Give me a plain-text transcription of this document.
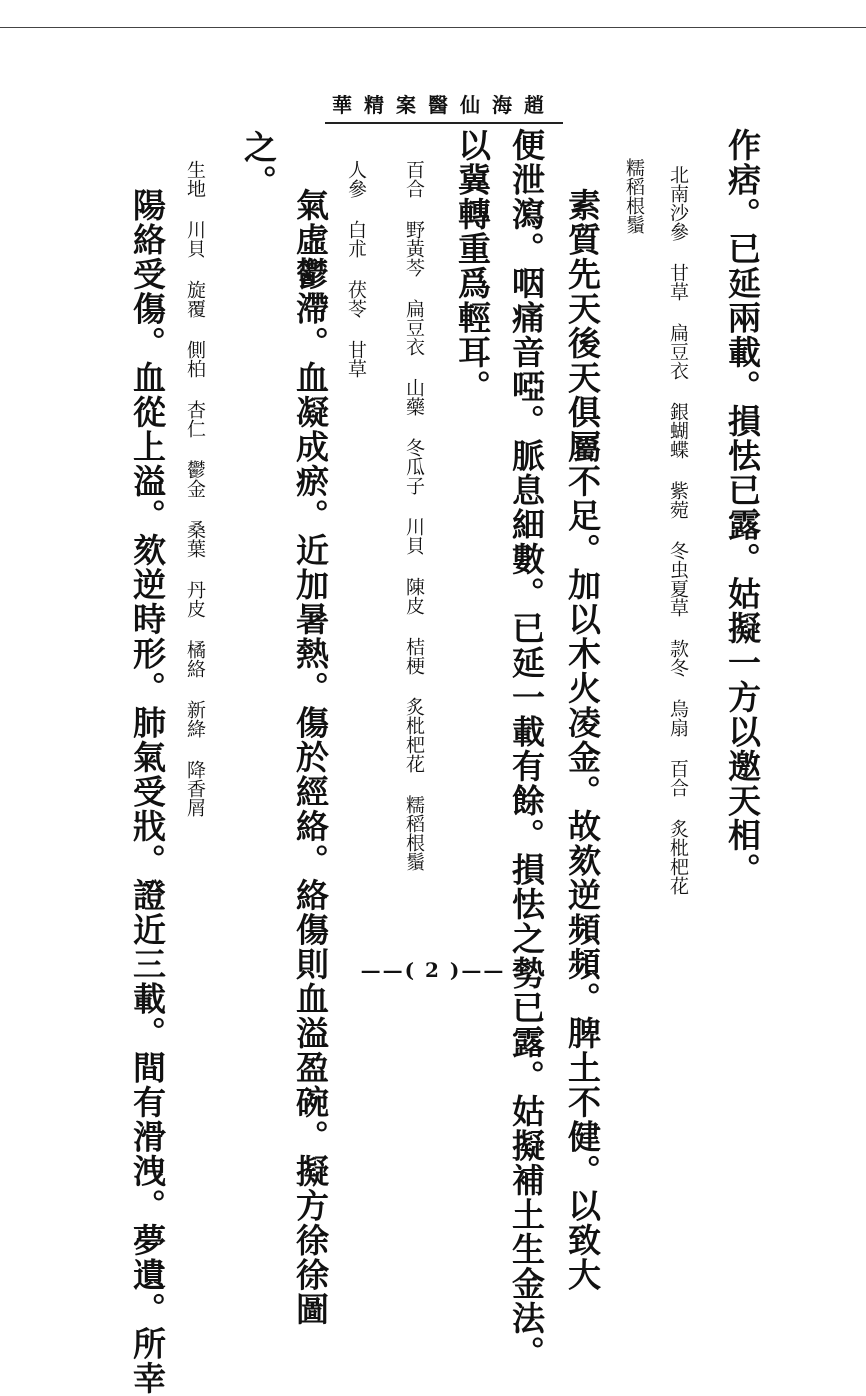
華精案醫仙海趙
作痞。已延兩載。損怯已露。姑擬一方以邀天相。
北南沙參 甘草 扁豆衣 銀蝴蝶 紫菀 冬虫夏草 款冬 烏扇 百合 炙枇杷花
糯稻根鬚
素質先天後天俱屬不足。加以木火凌金。故欬逆頻頻。脾土不健。以致大
便泄瀉。咽痛音啞。脈息細數。已延一載有餘。損怯之勢已露。姑擬補土生金法。
以冀轉重爲輕耳。
百合 野黃芩 扁豆衣 山藥 冬瓜子 川貝 陳皮 桔梗 炙枇杷花 糯稻根鬚
人參 白朮 茯苓 甘草
氣虛鬱滯。血凝成瘀。近加暑熱。傷於經絡。絡傷則血溢盈碗。擬方徐徐圖
之。
生地 川貝 旋覆 側柏 杏仁 鬱金 桑葉 丹皮 橘絡 新絳 降香屑
陽絡受傷。血從上溢。欬逆時形。肺氣受戕。證近三載。間有滑洩。夢遺。所幸	——( 2 )——
